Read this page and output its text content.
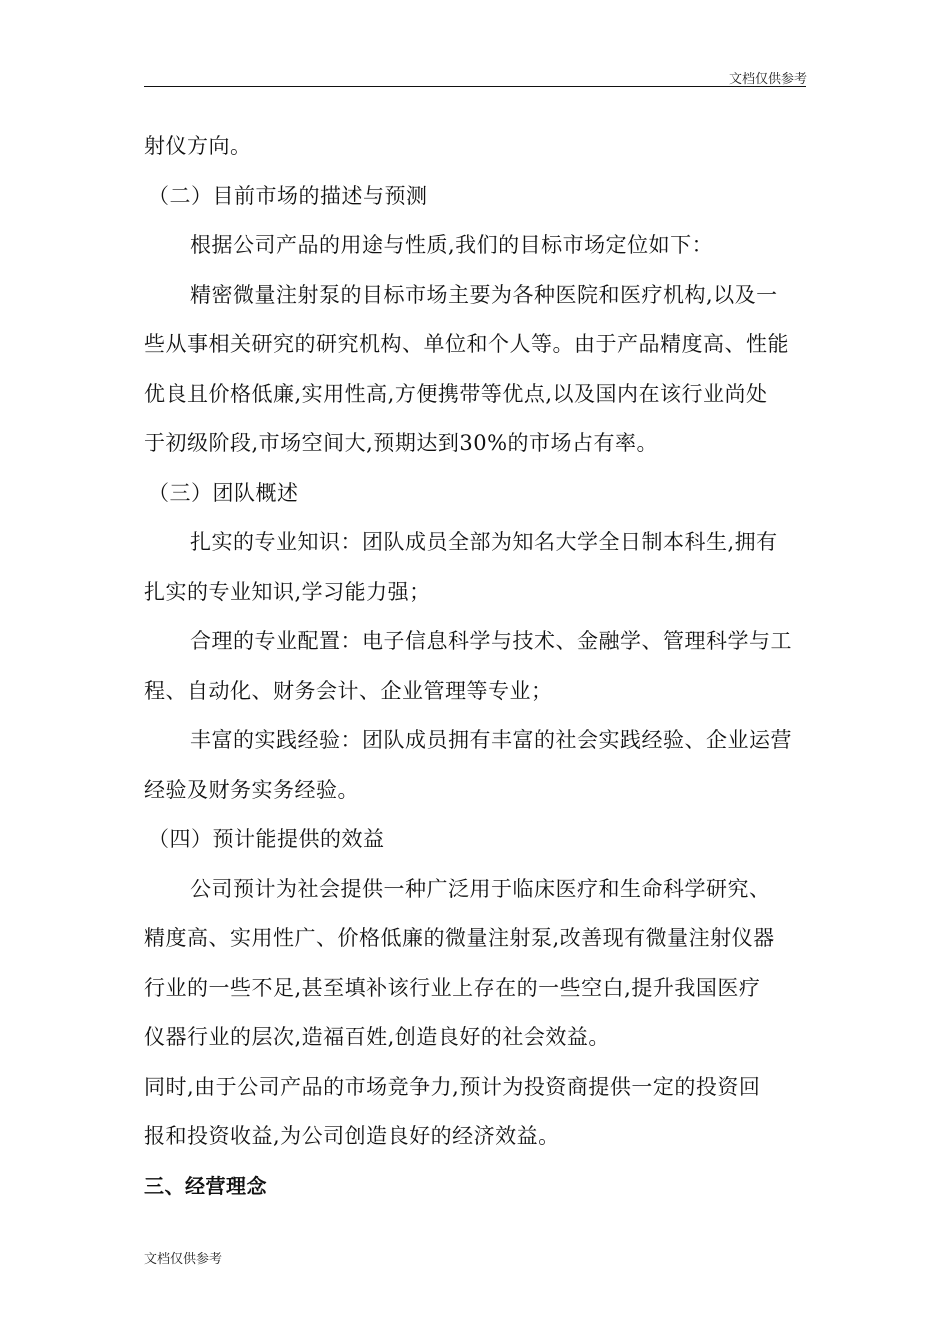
文档仅供参考
射仪方向。
（二）目前市场的描述与预测
根据公司产品的用途与性质,我们的目标市场定位如下：
精密微量注射泵的目标市场主要为各种医院和医疗机构,以及一
些从事相关研究的研究机构、单位和个人等。由于产品精度高、性能
优良且价格低廉,实用性高,方便携带等优点,以及国内在该行业尚处
于初级阶段,市场空间大,预期达到30%的市场占有率。
（三）团队概述
扎实的专业知识：团队成员全部为知名大学全日制本科生,拥有
扎实的专业知识,学习能力强；
合理的专业配置：电子信息科学与技术、金融学、管理科学与工
程、自动化、财务会计、企业管理等专业；
丰富的实践经验：团队成员拥有丰富的社会实践经验、企业运营
经验及财务实务经验。
（四）预计能提供的效益
公司预计为社会提供一种广泛用于临床医疗和生命科学研究、
精度高、实用性广、价格低廉的微量注射泵,改善现有微量注射仪器
行业的一些不足,甚至填补该行业上存在的一些空白,提升我国医疗
仪器行业的层次,造福百姓,创造良好的社会效益。
同时,由于公司产品的市场竞争力,预计为投资商提供一定的投资回
报和投资收益,为公司创造良好的经济效益。
三、经营理念
文档仅供参考
